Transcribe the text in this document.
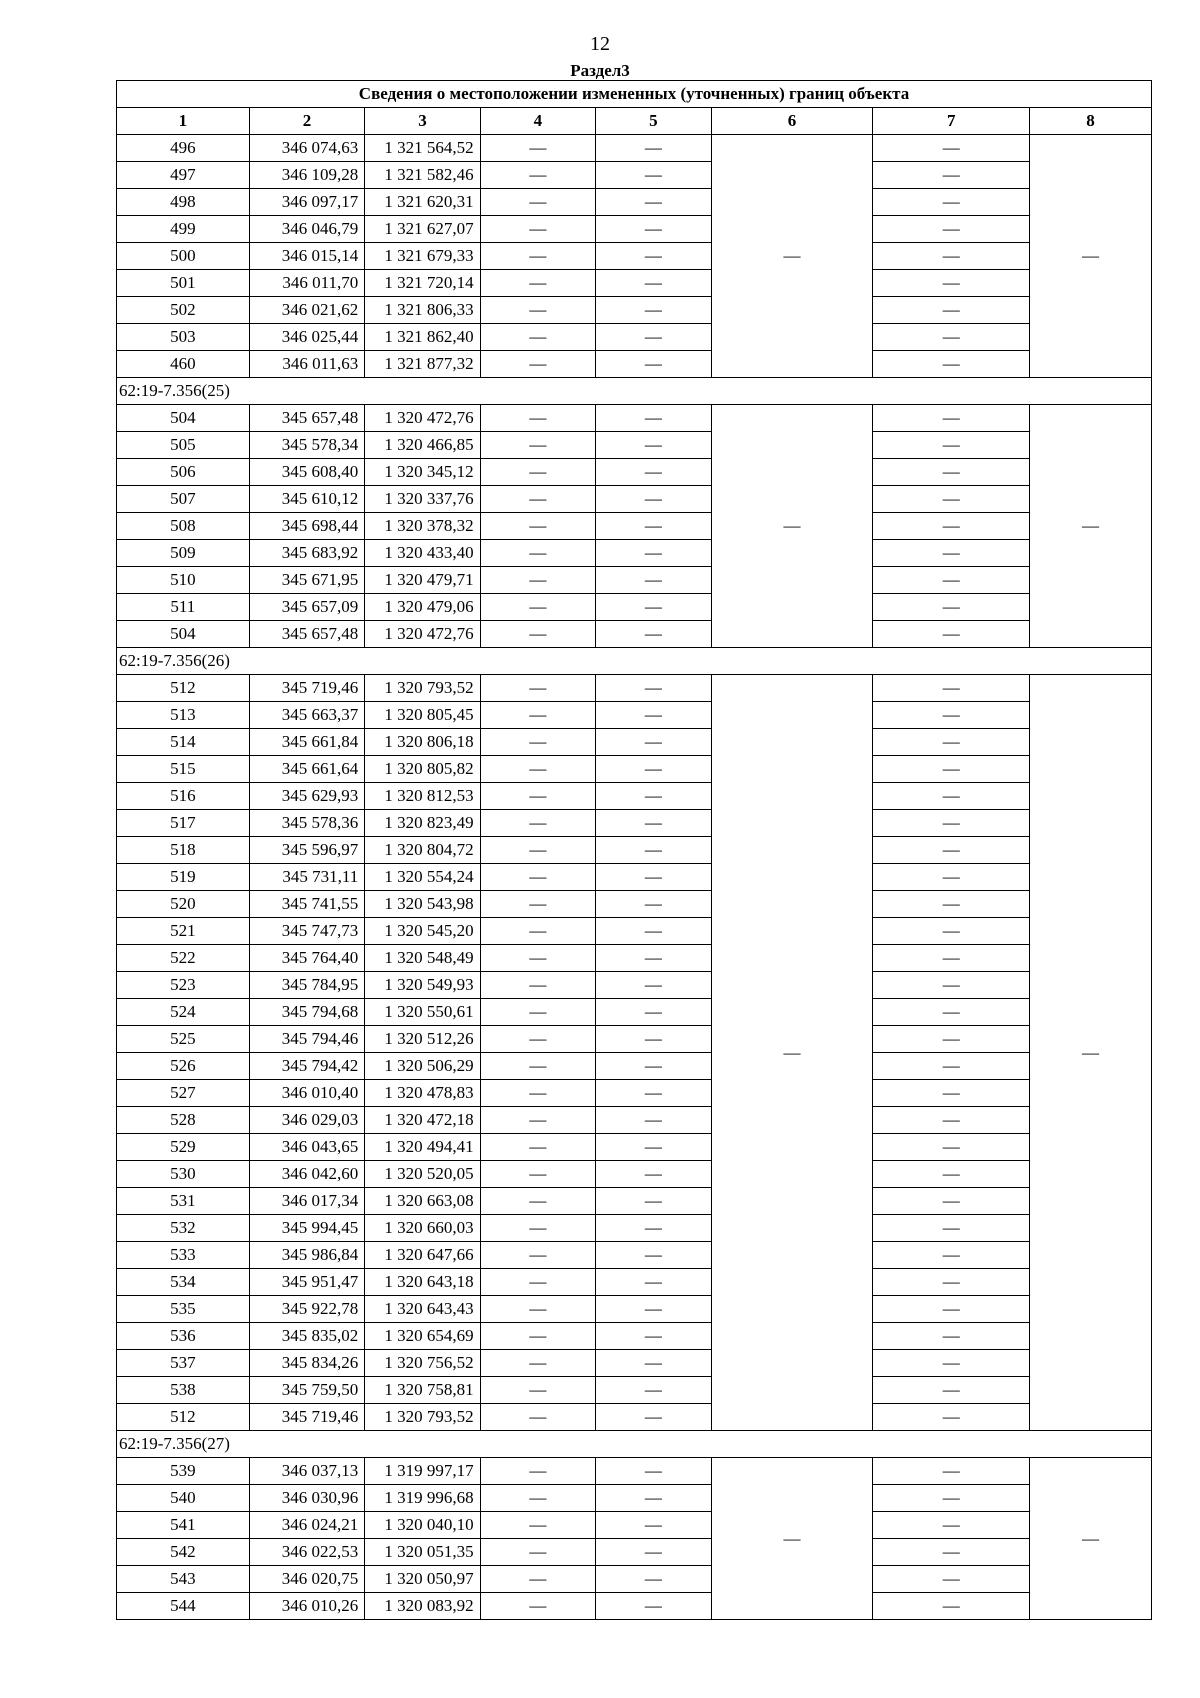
12
Раздел3
Сведения о местоположении измененных (уточненных) границ объекта							
1	2	3	4	5	6	7	8
496	346 074,63	1 321 564,52	—	—	—	—	—
497	346 109,28	1 321 582,46	—	—		—	
498	346 097,17	1 321 620,31	—	—		—	
499	346 046,79	1 321 627,07	—	—		—	
500	346 015,14	1 321 679,33	—	—		—	
501	346 011,70	1 321 720,14	—	—		—	
502	346 021,62	1 321 806,33	—	—		—	
503	346 025,44	1 321 862,40	—	—		—	
460	346 011,63	1 321 877,32	—	—		—	
62:19-7.356(25)							
504	345 657,48	1 320 472,76	—	—	—	—	—
505	345 578,34	1 320 466,85	—	—		—	
506	345 608,40	1 320 345,12	—	—		—	
507	345 610,12	1 320 337,76	—	—		—	
508	345 698,44	1 320 378,32	—	—		—	
509	345 683,92	1 320 433,40	—	—		—	
510	345 671,95	1 320 479,71	—	—		—	
511	345 657,09	1 320 479,06	—	—		—	
504	345 657,48	1 320 472,76	—	—		—	
62:19-7.356(26)							
512	345 719,46	1 320 793,52	—	—	—	—	—
513	345 663,37	1 320 805,45	—	—		—	
514	345 661,84	1 320 806,18	—	—		—	
515	345 661,64	1 320 805,82	—	—		—	
516	345 629,93	1 320 812,53	—	—		—	
517	345 578,36	1 320 823,49	—	—		—	
518	345 596,97	1 320 804,72	—	—		—	
519	345 731,11	1 320 554,24	—	—		—	
520	345 741,55	1 320 543,98	—	—		—	
521	345 747,73	1 320 545,20	—	—		—	
522	345 764,40	1 320 548,49	—	—		—	
523	345 784,95	1 320 549,93	—	—		—	
524	345 794,68	1 320 550,61	—	—		—	
525	345 794,46	1 320 512,26	—	—		—	
526	345 794,42	1 320 506,29	—	—		—	
527	346 010,40	1 320 478,83	—	—		—	
528	346 029,03	1 320 472,18	—	—		—	
529	346 043,65	1 320 494,41	—	—		—	
530	346 042,60	1 320 520,05	—	—		—	
531	346 017,34	1 320 663,08	—	—		—	
532	345 994,45	1 320 660,03	—	—		—	
533	345 986,84	1 320 647,66	—	—		—	
534	345 951,47	1 320 643,18	—	—		—	
535	345 922,78	1 320 643,43	—	—		—	
536	345 835,02	1 320 654,69	—	—		—	
537	345 834,26	1 320 756,52	—	—		—	
538	345 759,50	1 320 758,81	—	—		—	
512	345 719,46	1 320 793,52	—	—		—	
62:19-7.356(27)							
539	346 037,13	1 319 997,17	—	—	—	—	—
540	346 030,96	1 319 996,68	—	—		—	
541	346 024,21	1 320 040,10	—	—		—	
542	346 022,53	1 320 051,35	—	—		—	
543	346 020,75	1 320 050,97	—	—		—	
544	346 010,26	1 320 083,92	—	—		—	
